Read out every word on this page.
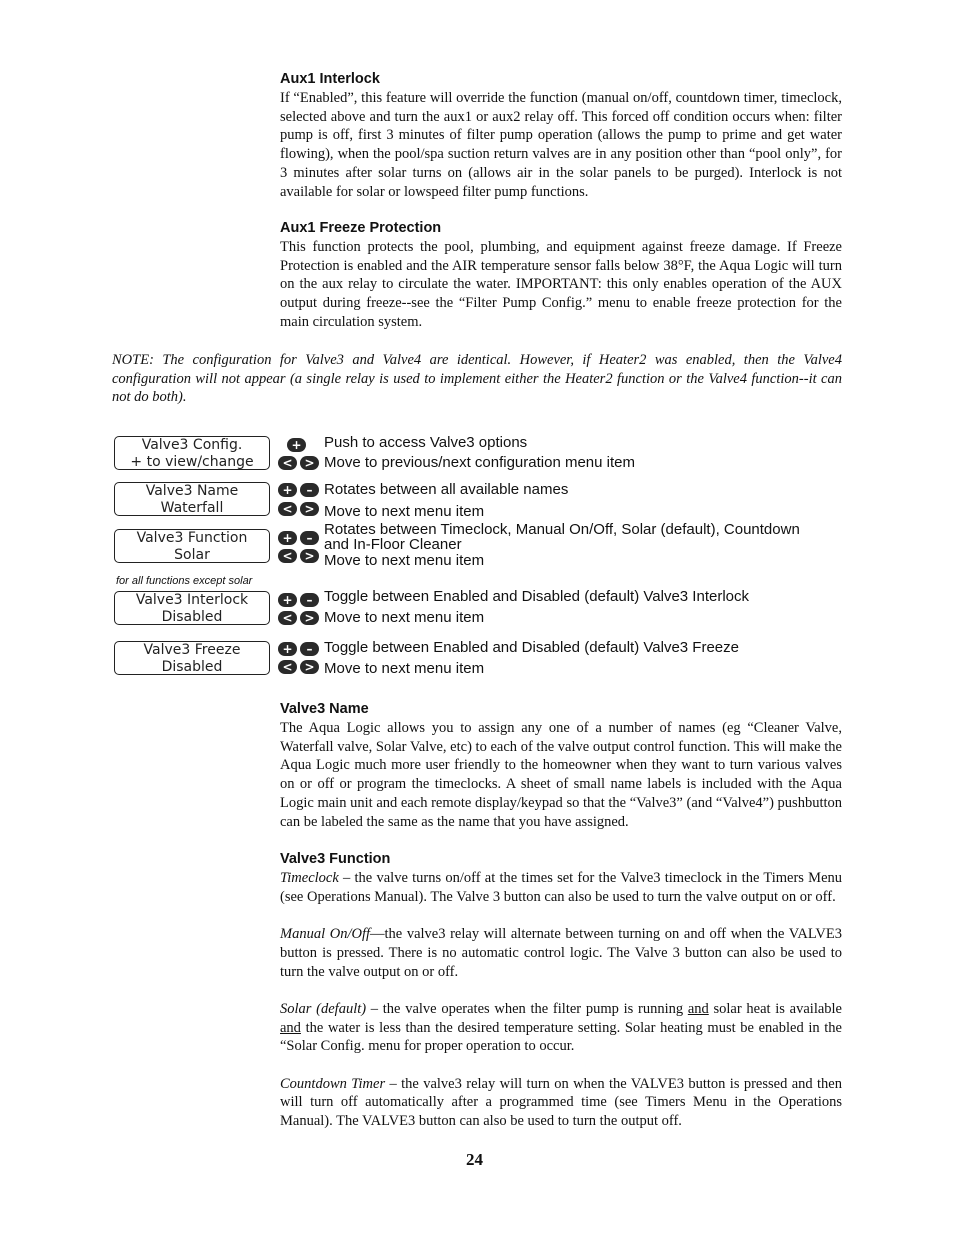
Aux1 Interlock

If “Enabled”, this feature will override the function (manual on/off, countdown timer, timeclock, selected above and turn the aux1 or aux2 relay off. This forced off condition occurs when: filter pump is off, first 3 minutes of filter pump operation (allows the pump to prime and get water flowing), when the pool/spa suction return valves are in any position other than “pool only”, for 3 minutes after solar turns on (allows air in the solar panels to be purged). Interlock is not available for solar or lowspeed filter pump functions.

Aux1 Freeze Protection

This function protects the pool, plumbing, and equipment against freeze damage. If Freeze Protection is enabled and the AIR temperature sensor falls below 38°F, the Aqua Logic will turn on the aux relay to circulate the water. IMPORTANT: this only enables operation of the AUX output during freeze--see the “Filter Pump Config.” menu to enable freeze protection for the main circulation system.

NOTE: The configuration for Valve3 and Valve4 are identical. However, if Heater2 was enabled, then the Valve4 configuration will not appear (a single relay is used to implement either the Heater2 function or the Valve4 function--it can not do both).

Valve3 Config.
+ to view/change
+ Push to access Valve3 options
< > Move to previous/next configuration menu item
Valve3 Name
Waterfall
+	– Rotates between all available names
< > Move to next menu item
Valve3 Function
Solar
+	– Rotates between Timeclock, Manual On/Off, Solar (default), Countdown
and In-Floor Cleaner
< > Move to next menu item
for all functions except solar
Valve3 Interlock
Disabled
+	– Toggle between Enabled and Disabled (default) Valve3 Interlock
< > Move to next menu item
Valve3 Freeze
Disabled
+	– Toggle between Enabled and Disabled (default) Valve3 Freeze
< > Move to next menu item

Valve3 Name

The Aqua Logic allows you to assign any one of a number of names (eg “Cleaner Valve, Waterfall valve, Solar Valve, etc) to each of the valve output control function. This will make the Aqua Logic much more user friendly to the homeowner when they want to turn various valves on or off or program the timeclocks. A sheet of small name labels is included with the Aqua Logic main unit and each remote display/keypad so that the “Valve3” (and “Valve4”) pushbutton can be labeled the same as the name that you have assigned.

Valve3 Function

Timeclock – the valve turns on/off at the times set for the Valve3 timeclock in the Timers Menu (see Operations Manual). The Valve 3 button can also be used to turn the valve output on or off.

Manual On/Off—the valve3 relay will alternate between turning on and off when the VALVE3 button is pressed. There is no automatic control logic. The Valve 3 button can also be used to turn the valve output on or off.

Solar (default) – the valve operates when the filter pump is running and solar heat is available and the water is less than the desired temperature setting. Solar heating must be enabled in the “Solar Config. menu for proper operation to occur.

Countdown Timer – the valve3 relay will turn on when the VALVE3 button is pressed and then will turn off automatically after a programmed time (see Timers Menu in the Operations Manual). The VALVE3 button can also be used to turn the output off.

24
